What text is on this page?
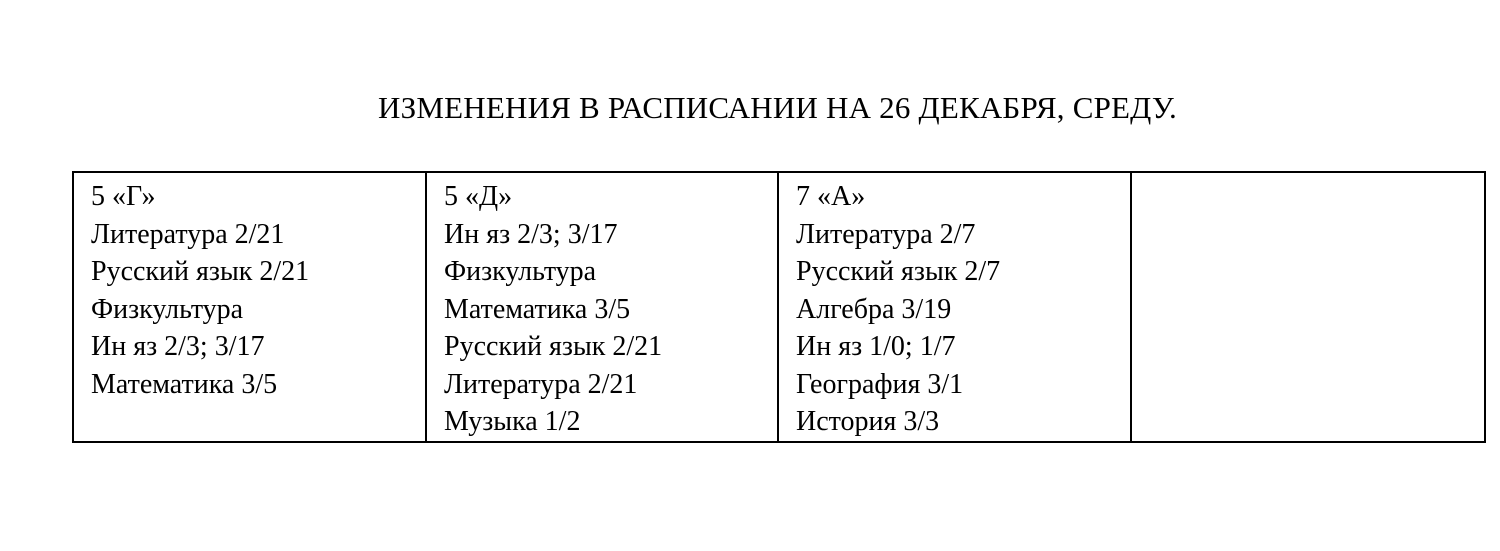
ИЗМЕНЕНИЯ В РАСПИСАНИИ НА 26 ДЕКАБРЯ, СРЕДУ.
5 «Г»
Литература 2/21
Русский язык 2/21
Физкультура
Ин яз 2/3; 3/17
Математика 3/5

5 «Д»
Ин яз 2/3; 3/17
Физкультура
Математика 3/5
Русский язык 2/21
Литература 2/21
Музыка 1/2

7 «А»
Литература 2/7
Русский язык 2/7
Алгебра 3/19
Ин яз 1/0; 1/7
География 3/1
История 3/3
